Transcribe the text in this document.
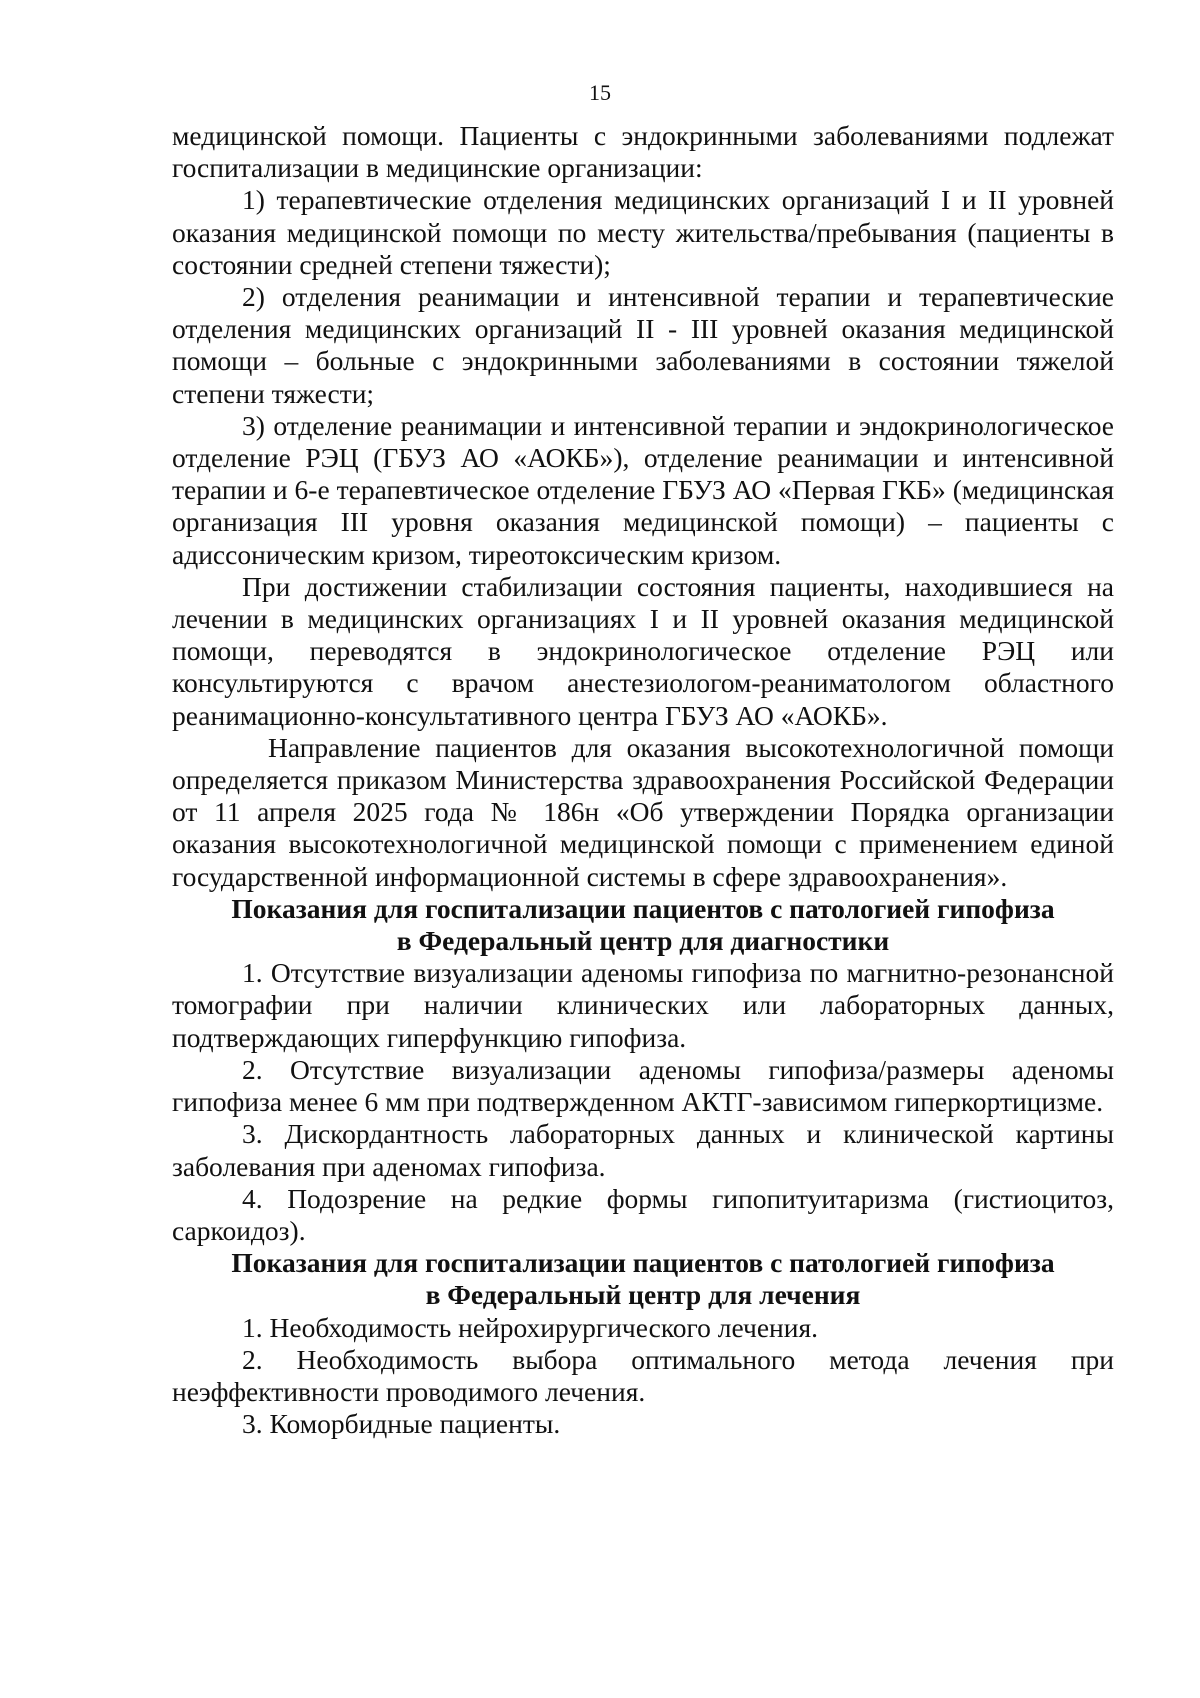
15

медицинской помощи. Пациенты с эндокринными заболеваниями подлежат госпитализации в медицинские организации:

1) терапевтические отделения медицинских организаций I и II уровней оказания медицинской помощи по месту жительства/пребывания (пациенты в состоянии средней степени тяжести);

2) отделения реанимации и интенсивной терапии и терапевтические отделения медицинских организаций II - III уровней оказания медицинской помощи – больные с эндокринными заболеваниями в состоянии тяжелой степени тяжести;

3) отделение реанимации и интенсивной терапии и эндокринологическое отделение РЭЦ (ГБУЗ АО «АОКБ»), отделение реанимации и интенсивной терапии и 6-е терапевтическое отделение ГБУЗ АО «Первая ГКБ» (медицинская организация III уровня оказания медицинской помощи) – пациенты с адиссоническим кризом, тиреотоксическим кризом.

При достижении стабилизации состояния пациенты, находившиеся на лечении в медицинских организациях I и II уровней оказания медицинской помощи, переводятся в эндокринологическое отделение РЭЦ или консультируются с врачом анестезиологом-реаниматологом областного реанимационно-консультативного центра ГБУЗ АО «АОКБ».

Направление пациентов для оказания высокотехнологичной помощи определяется приказом Министерства здравоохранения Российской Федерации от 11 апреля 2025 года № 186н «Об утверждении Порядка организации оказания высокотехнологичной медицинской помощи с применением единой государственной информационной системы в сфере здравоохранения».

Показания для госпитализации пациентов с патологией гипофиза
в Федеральный центр для диагностики

1. Отсутствие визуализации аденомы гипофиза по магнитно-резонансной томографии при наличии клинических или лабораторных данных, подтверждающих гиперфункцию гипофиза.

2. Отсутствие визуализации аденомы гипофиза/размеры аденомы гипофиза менее 6 мм при подтвержденном АКТГ-зависимом гиперкортицизме.

3. Дискордантность лабораторных данных и клинической картины заболевания при аденомах гипофиза.

4. Подозрение на редкие формы гипопитуитаризма (гистиоцитоз, саркоидоз).

Показания для госпитализации пациентов с патологией гипофиза
в Федеральный центр для лечения

1. Необходимость нейрохирургического лечения.

2. Необходимость выбора оптимального метода лечения при неэффективности проводимого лечения.

3. Коморбидные пациенты.
